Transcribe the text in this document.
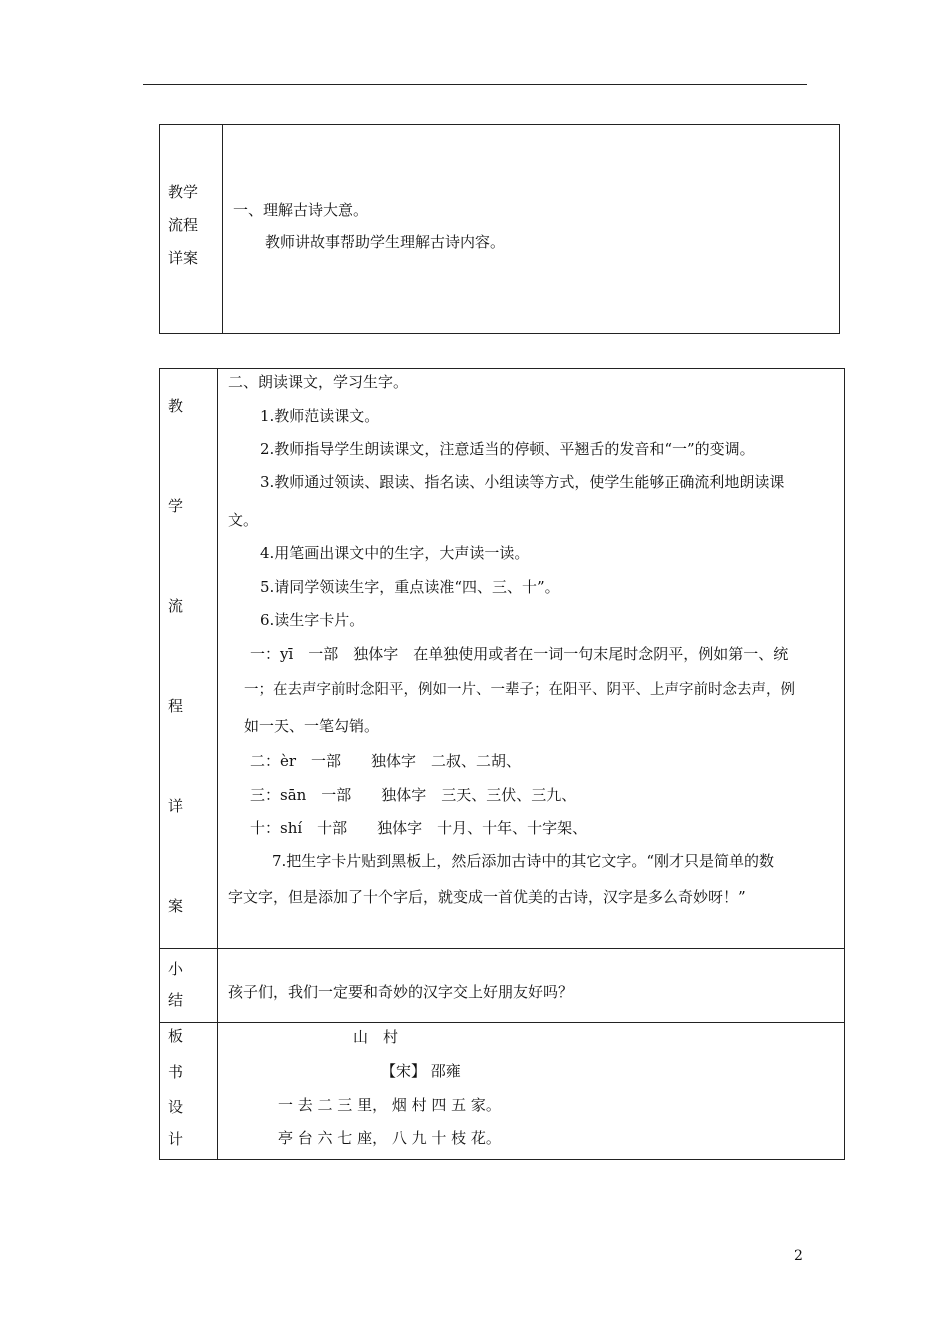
教学
流程
详案
一、理解古诗大意。
教师讲故事帮助学生理解古诗内容。
教
学
流
程
详
案
二、朗读课文，学习生字。
1.教师范读课文。
2.教师指导学生朗读课文，注意适当的停顿、平翘舌的发音和“一”的变调。
3.教师通过领读、跟读、指名读、小组读等方式，使学生能够正确流利地朗读课
文。
4.用笔画出课文中的生字，大声读一读。
5.请同学领读生字，重点读准“四、三、十”。
6.读生字卡片。
一：yī　一部　独体字　在单独使用或者在一词一句末尾时念阴平，例如第一、统
一；在去声字前时念阳平，例如一片、一辈子；在阳平、阴平、上声字前时念去声，例
如一天、一笔勾销。
二：èr　一部　　独体字　二叔、二胡、
三：sān　一部　　独体字　三天、三伏、三九、
十：shí　十部　　独体字　十月、十年、十字架、
7.把生字卡片贴到黑板上，然后添加古诗中的其它文字。“刚才只是简单的数
字文字，但是添加了十个字后，就变成一首优美的古诗，汉字是多么奇妙呀！”
小
结	孩子们，我们一定要和奇妙的汉字交上好朋友好吗？
板
书
设
计
山　村
【宋】 邵雍
一 去 二 三 里， 烟 村 四 五 家。
亭 台 六 七 座， 八 九 十 枝 花。
2
